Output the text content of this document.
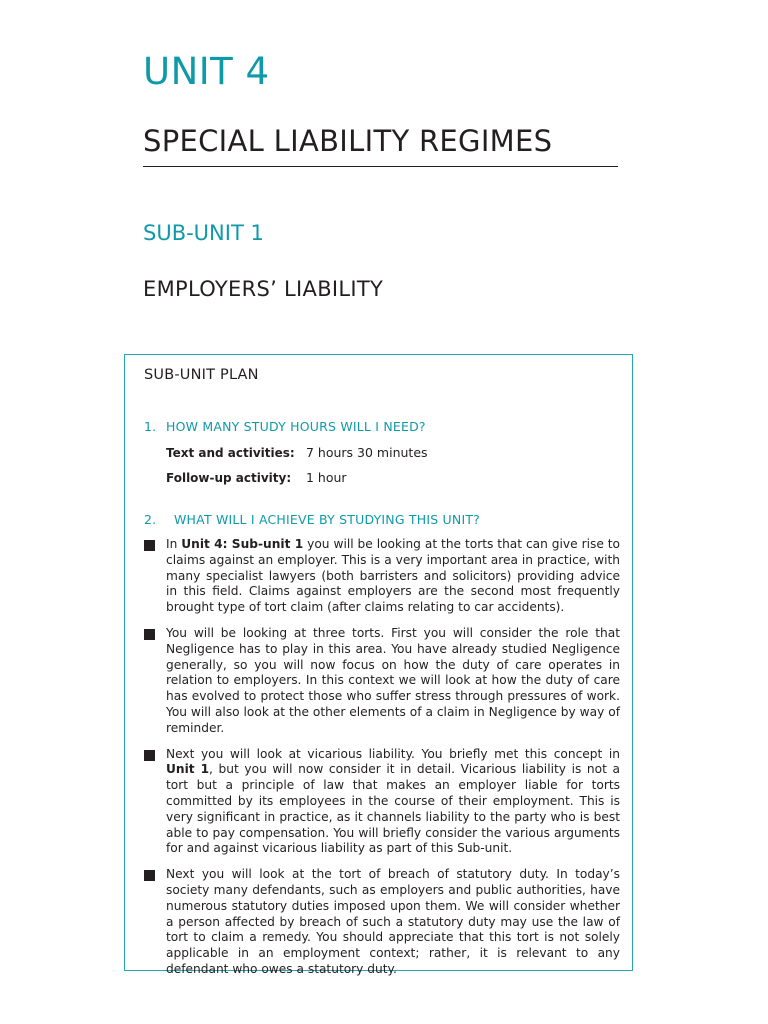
UNIT 4
SPECIAL LIABILITY REGIMES
SUB-UNIT 1
EMPLOYERS’ LIABILITY
SUB-UNIT PLAN
1. HOW MANY STUDY HOURS WILL I NEED?
Text and activities: 7 hours 30 minutes
Follow-up activity: 1 hour
2. WHAT WILL I ACHIEVE BY STUDYING THIS UNIT?
In Unit 4: Sub-unit 1 you will be looking at the torts that can give rise to claims against an employer. This is a very important area in practice, with many specialist lawyers (both barristers and solicitors) providing advice in this field. Claims against employers are the second most frequently brought type of tort claim (after claims relating to car accidents).
You will be looking at three torts. First you will consider the role that Negligence has to play in this area. You have already studied Negligence generally, so you will now focus on how the duty of care operates in relation to employers. In this context we will look at how the duty of care has evolved to protect those who suffer stress through pressures of work. You will also look at the other elements of a claim in Negligence by way of reminder.
Next you will look at vicarious liability. You briefly met this concept in Unit 1, but you will now consider it in detail. Vicarious liability is not a tort but a principle of law that makes an employer liable for torts committed by its employees in the course of their employment. This is very significant in practice, as it channels liability to the party who is best able to pay compensation. You will briefly consider the various arguments for and against vicarious liability as part of this Sub-unit.
Next you will look at the tort of breach of statutory duty. In today’s society many defendants, such as employers and public authorities, have numerous statutory duties imposed upon them. We will consider whether a person affected by breach of such a statutory duty may use the law of tort to claim a remedy. You should appreciate that this tort is not solely applicable in an employment context; rather, it is relevant to any defendant who owes a statutory duty.
